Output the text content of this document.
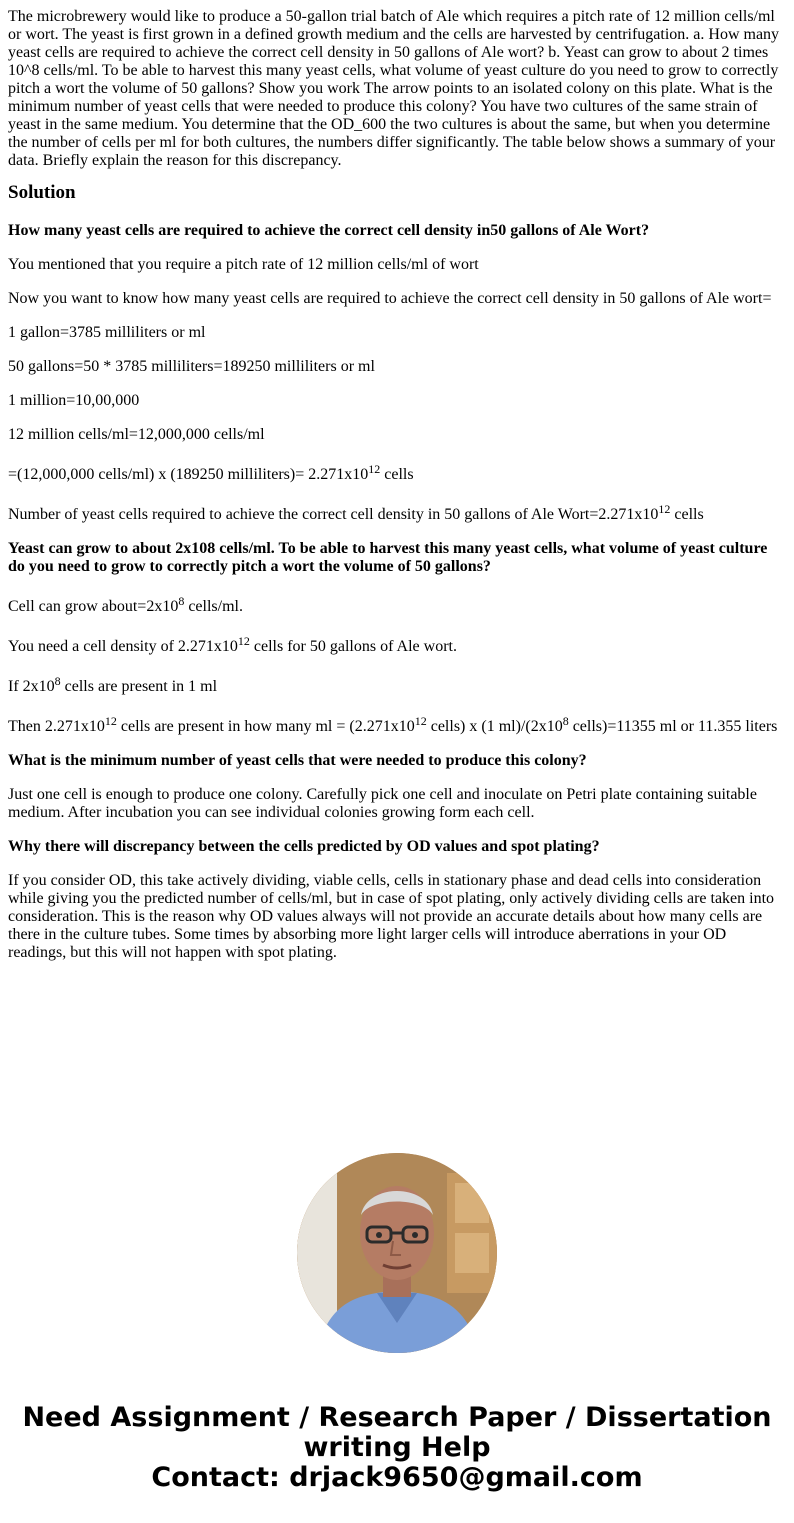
The microbrewery would like to produce a 50-gallon trial batch of Ale which requires a pitch rate of 12 million cells/ml or wort. The yeast is first grown in a defined growth medium and the cells are harvested by centrifugation. a. How many yeast cells are required to achieve the correct cell density in 50 gallons of Ale wort? b. Yeast can grow to about 2 times 10^8 cells/ml. To be able to harvest this many yeast cells, what volume of yeast culture do you need to grow to correctly pitch a wort the volume of 50 gallons? Show you work The arrow points to an isolated colony on this plate. What is the minimum number of yeast cells that were needed to produce this colony? You have two cultures of the same strain of yeast in the same medium. You determine that the OD_600 the two cultures is about the same, but when you determine the number of cells per ml for both cultures, the numbers differ significantly. The table below shows a summary of your data. Briefly explain the reason for this discrepancy.

Solution

How many yeast cells are required to achieve the correct cell density in50 gallons of Ale Wort?

You mentioned that you require a pitch rate of 12 million cells/ml of wort

Now you want to know how many yeast cells are required to achieve the correct cell density in 50 gallons of Ale wort=

1 gallon=3785 milliliters or ml

50 gallons=50 * 3785 milliliters=189250 milliliters or ml

1 million=10,00,000

12 million cells/ml=12,000,000 cells/ml

=(12,000,000 cells/ml) x (189250 milliliters)= $2.271x10^{12}$ cells

Number of yeast cells required to achieve the correct cell density in 50 gallons of Ale $Wort=2.271x10^{12}$ cells

Yeast can grow to about 2x108 cells/ml. To be able to harvest this many yeast cells, what volume of yeast culture do you need to grow to correctly pitch a wort the volume of 50 gallons?

Cell can grow $about=2x10^8$ cells/ml.

You need a cell density of $2.271x10^{12}$ cells for 50 gallons of Ale wort.

If $2x10^8$ cells are present in 1 ml

Then $2.271x10^{12}$ cells are present in how many ml = ($2.271x10^{12}$ cells) x (1 $ml)/(2x10^8$ cells)=11355 ml or 11.355 liters

What is the minimum number of yeast cells that were needed to produce this colony?

Just one cell is enough to produce one colony. Carefully pick one cell and inoculate on Petri plate containing suitable medium. After incubation you can see individual colonies growing form each cell.

Why there will discrepancy between the cells predicted by OD values and spot plating?

If you consider OD, this take actively dividing, viable cells, cells in stationary phase and dead cells into consideration while giving you the predicted number of cells/ml, but in case of spot plating, only actively dividing cells are taken into consideration. This is the reason why OD values always will not provide an accurate details about how many cells are there in the culture tubes. Some times by absorbing more light larger cells will introduce aberrations in your OD readings, but this will not happen with spot plating.

Need Assignment / Research Paper / Dissertation
writing Help
Contact: drjack9650@gmail.com
